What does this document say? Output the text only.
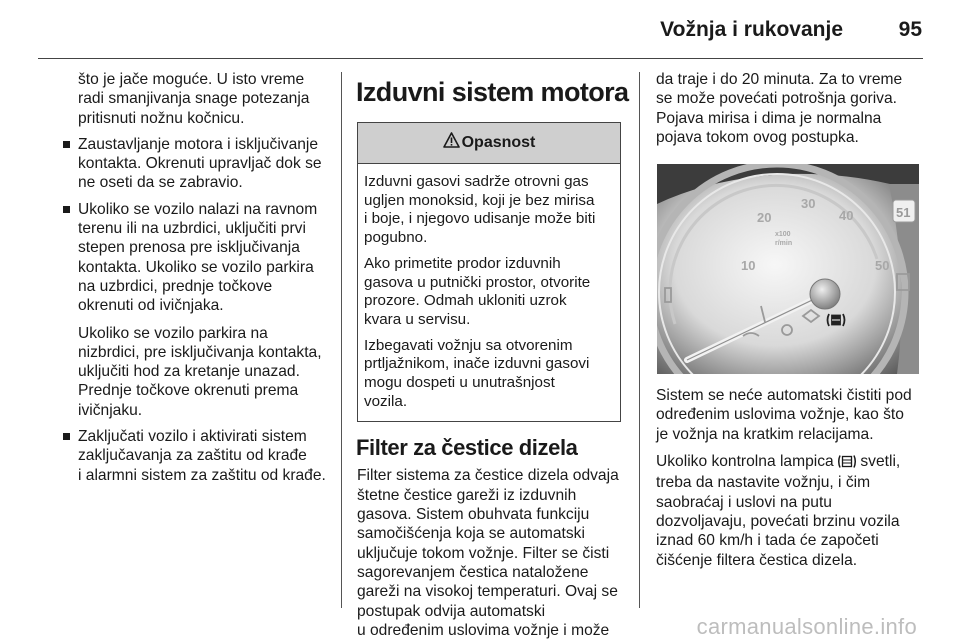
Vožnja i rukovanje	95

što je jače moguće. U isto vreme
radi smanjivanja snage potezanja
pritisnuti nožnu kočnicu.

Zaustavljanje motora i isključivanje
kontakta. Okrenuti upravljač dok se
ne oseti da se zabravio.

Ukoliko se vozilo nalazi na ravnom
terenu ili na uzbrdici, uključiti prvi
stepen prenosa pre isključivanja
kontakta. Ukoliko se vozilo parkira
na uzbrdici, prednje točkove
okrenuti od ivičnjaka.

Ukoliko se vozilo parkira na
nizbrdici, pre isključivanja kontakta,
uključiti hod za kretanje unazad.
Prednje točkove okrenuti prema
ivičnjaku.

Zaključati vozilo i aktivirati sistem
zaključavanja za zaštitu od krađe
i alarmni sistem za zaštitu od krađe.

Izduvni sistem motora
Opasnost

Izduvni gasovi sadrže otrovni gas
ugljen monoksid, koji je bez mirisa
i boje, i njegovo udisanje može biti
pogubno.

Ako primetite prodor izduvnih
gasova u putnički prostor, otvorite
prozore. Odmah ukloniti uzrok
kvara u servisu.

Izbegavati vožnju sa otvorenim
prtljažnikom, inače izduvni gasovi
mogu dospeti u unutrašnjost
vozila.

Filter za čestice dizela

Filter sistema za čestice dizela odvaja
štetne čestice gareži iz izduvnih
gasova. Sistem obuhvata funkciju
samočišćenja koja se automatski
uključuje tokom vožnje. Filter se čisti
sagorevanjem čestica nataložene
gareži na visokoj temperaturi. Ovaj se
postupak odvija automatski
u određenim uslovima vožnje i može

da traje i do 20 minuta. Za to vreme
se može povećati potrošnja goriva.
Pojava mirisa i dima je normalna
pojava tokom ovog postupka.

10
20
30
40
50
x100
r/min
51

Sistem se neće automatski čistiti pod
određenim uslovima vožnje, kao što
je vožnja na kratkim relacijama.

Ukoliko kontrolna lampica svetli,
treba da nastavite vožnju, i čim
saobraćaj i uslovi na putu
dozvoljavaju, povećati brzinu vozila
iznad 60 km/h i tada će započeti
čišćenje filtera čestica dizela.

carmanualsonline.info
